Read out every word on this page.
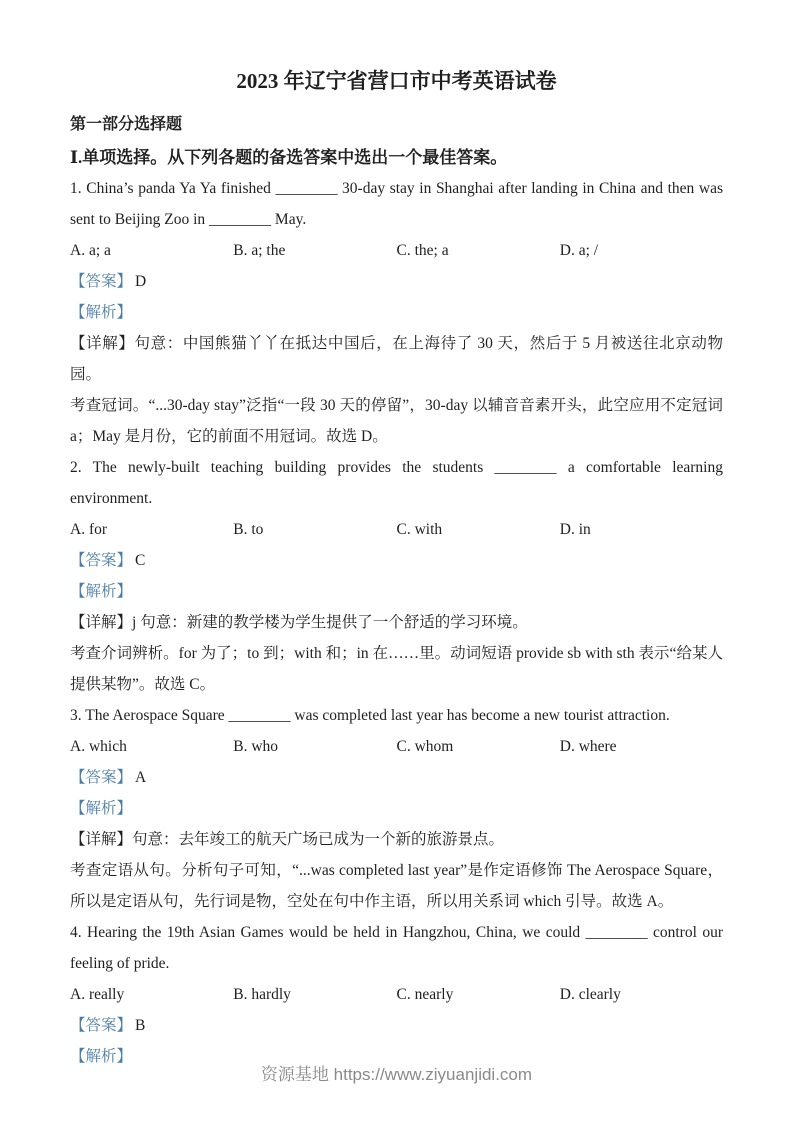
2023 年辽宁省营口市中考英语试卷

第一部分选择题

Ⅰ.单项选择。从下列各题的备选答案中选出一个最佳答案。

1. China’s panda Ya Ya finished ________ 30-day stay in Shanghai after landing in China and then was sent to Beijing Zoo in ________ May.

A. a; a	B. a; the	C. the; a	D. a; /

【答案】 D

【解析】

【详解】句意：中国熊猫丫丫在抵达中国后，在上海待了 30 天，然后于 5 月被送往北京动物园。

考查冠词。“...30-day stay”泛指“一段 30 天的停留”，30-day 以辅音音素开头，此空应用不定冠词 a；May 是月份，它的前面不用冠词。故选 D。

2. The newly-built teaching building provides the students ________ a comfortable learning environment.

A. for	B. to	C. with	D. in

【答案】 C

【解析】

【详解】j 句意：新建的教学楼为学生提供了一个舒适的学习环境。

考查介词辨析。for 为了；to 到；with 和；in 在……里。动词短语 provide sb with sth 表示“给某人提供某物”。故选 C。

3. The Aerospace Square ________ was completed last year has become a new tourist attraction.

A. which	B. who	C. whom	D. where

【答案】 A

【解析】

【详解】句意：去年竣工的航天广场已成为一个新的旅游景点。

考查定语从句。分析句子可知，“...was completed last year”是作定语修饰 The Aerospace Square，所以是定语从句，先行词是物，空处在句中作主语，所以用关系词 which 引导。故选 A。

4. Hearing the 19th Asian Games would be held in Hangzhou, China, we could ________ control our feeling of pride.

A. really	B. hardly	C. nearly	D. clearly

【答案】 B

【解析】

资源基地 https://www.ziyuanjidi.com
